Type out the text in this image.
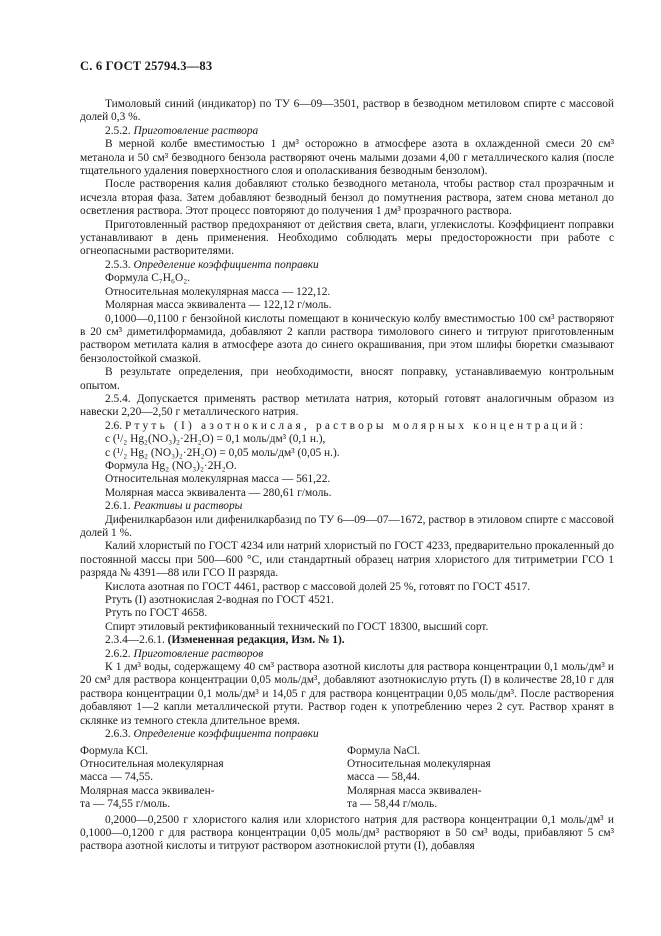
С. 6 ГОСТ 25794.3—83

Тимоловый синий (индикатор) по ТУ 6—09—3501, раствор в безводном метиловом спирте с массовой долей 0,3 %.

2.5.2. Приготовление раствора

В мерной колбе вместимостью 1 дм³ осторожно в атмосфере азота в охлажденной смеси 20 см³ метанола и 50 см³ безводного бензола растворяют очень малыми дозами 4,00 г металлического калия (после тщательного удаления поверхностного слоя и ополаскивания безводным бензолом).

После растворения калия добавляют столько безводного метанола, чтобы раствор стал прозрачным и исчезла вторая фаза. Затем добавляют безводный бензол до помутнения раствора, затем снова метанол до осветления раствора. Этот процесс повторяют до получения 1 дм³ прозрачного раствора.

Приготовленный раствор предохраняют от действия света, влаги, углекислоты. Коэффициент поправки устанавливают в день применения. Необходимо соблюдать меры предосторожности при работе с огнеопасными растворителями.

2.5.3. Определение коэффициента поправки

Формула C₇H₆O₂.

Относительная молекулярная масса — 122,12.

Молярная масса эквивалента — 122,12 г/моль.

0,1000—0,1100 г бензойной кислоты помещают в коническую колбу вместимостью 100 см³ растворяют в 20 см³ диметилформамида, добавляют 2 капли раствора тимолового синего и титруют приготовленным раствором метилата калия в атмосфере азота до синего окрашивания, при этом шлифы бюретки смазывают бензолостойкой смазкой.

В результате определения, при необходимости, вносят поправку, устанавливаемую контрольным опытом.

2.5.4. Допускается применять раствор метилата натрия, который готовят аналогичным образом из навески 2,20—2,50 г металлического натрия.

2.6. Ртуть (I) азотнокислая, растворы молярных концентраций:

c (¹/₂ Hg₂(NO₃)₂·2H₂O) = 0,1 моль/дм³ (0,1 н.),

c (¹/₂ Hg₂ (NO₃)₂·2H₂O) = 0,05 моль/дм³ (0,05 н.).

Формула Hg₂ (NO₃)₂·2H₂O.

Относительная молекулярная масса — 561,22.

Молярная масса эквивалента — 280,61 г/моль.

2.6.1. Реактивы и растворы

Дифенилкарбазон или дифенилкарбазид по ТУ 6—09—07—1672, раствор в этиловом спирте с массовой долей 1 %.

Калий хлористый по ГОСТ 4234 или натрий хлористый по ГОСТ 4233, предварительно прокаленный до постоянной массы при 500—600 °С, или стандартный образец натрия хлористого для титриметрии ГСО 1 разряда № 4391—88 или ГСО II разряда.

Кислота азотная по ГОСТ 4461, раствор с массовой долей 25 %, готовят по ГОСТ 4517.

Ртуть (I) азотнокислая 2-водная по ГОСТ 4521.

Ртуть по ГОСТ 4658.

Спирт этиловый ректификованный технический по ГОСТ 18300, высший сорт.

2.3.4—2.6.1. (Измененная редакция, Изм. № 1).

2.6.2. Приготовление растворов

К 1 дм³ воды, содержащему 40 см³ раствора азотной кислоты для раствора концентрации 0,1 моль/дм³ и 20 см³ для раствора концентрации 0,05 моль/дм³, добавляют азотнокислую ртуть (I) в количестве 28,10 г для раствора концентрации 0,1 моль/дм³ и 14,05 г для раствора концентрации 0,05 моль/дм³. После растворения добавляют 1—2 капли металлической ртути. Раствор годен к употреблению через 2 сут. Раствор хранят в склянке из темного стекла длительное время.

2.6.3. Определение коэффициента поправки

Формула KCl.

Относительная молекулярная

масса — 74,55.

Молярная масса эквивален-

та — 74,55 г/моль.

Формула NaCl.

Относительная молекулярная

масса — 58,44.

Молярная масса эквивален-

та — 58,44 г/моль.

0,2000—0,2500 г хлористого калия или хлористого натрия для раствора концентрации 0,1 моль/дм³ и 0,1000—0,1200 г для раствора концентрации 0,05 моль/дм³ растворяют в 50 см³ воды, прибавляют 5 см³ раствора азотной кислоты и титруют раствором азотнокислой ртути (I), добавляя
